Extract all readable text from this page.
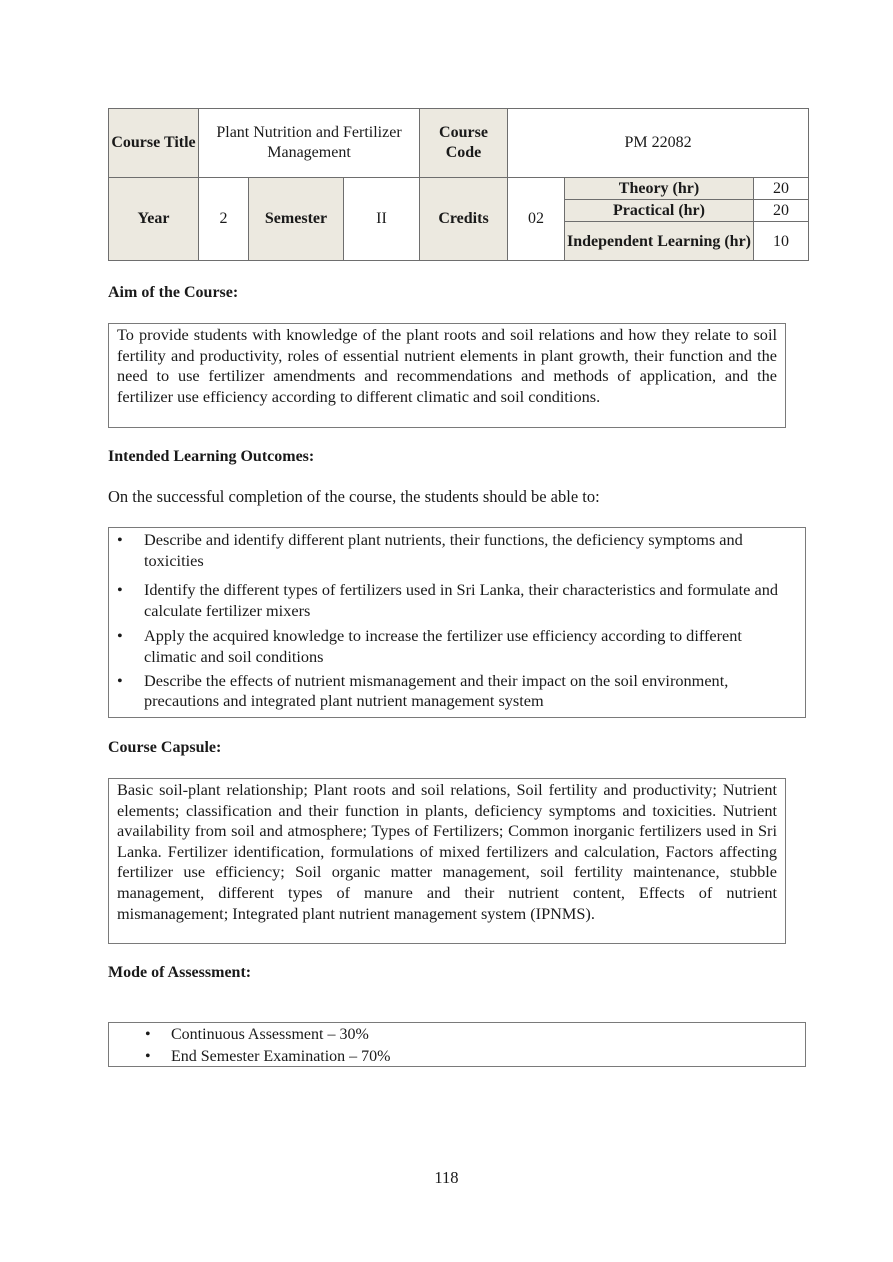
Course Title	Plant Nutrition and Fertilizer Management			Course Code	PM 22082		
Year	2	Semester	II	Credits	02	Theory (hr)	20
						Practical (hr)	20
						Independent Learning (hr)	10
Aim of the Course:
To provide students with knowledge of the plant roots and soil relations and how they relate to soil fertility and productivity, roles of essential nutrient elements in plant growth, their function and the need to use fertilizer amendments and recommendations and methods of application, and the fertilizer use efficiency according to different climatic and soil conditions.
Intended Learning Outcomes:
On the successful completion of the course, the students should be able to:
• Describe and identify different plant nutrients, their functions, the deficiency symptoms and toxicities
• Identify the different types of fertilizers used in Sri Lanka, their characteristics and formulate and calculate fertilizer mixers
• Apply the acquired knowledge to increase the fertilizer use efficiency according to different climatic and soil conditions
• Describe the effects of nutrient mismanagement and their impact on the soil environment, precautions and integrated plant nutrient management system
Course Capsule:
Basic soil-plant relationship; Plant roots and soil relations, Soil fertility and productivity; Nutrient elements; classification and their function in plants, deficiency symptoms and toxicities. Nutrient availability from soil and atmosphere; Types of Fertilizers; Common inorganic fertilizers used in Sri Lanka. Fertilizer identification, formulations of mixed fertilizers and calculation, Factors affecting fertilizer use efficiency; Soil organic matter management, soil fertility maintenance, stubble management, different types of manure and their nutrient content, Effects of nutrient mismanagement; Integrated plant nutrient management system (IPNMS).
Mode of Assessment:
• Continuous Assessment – 30%
• End Semester Examination – 70%
118
